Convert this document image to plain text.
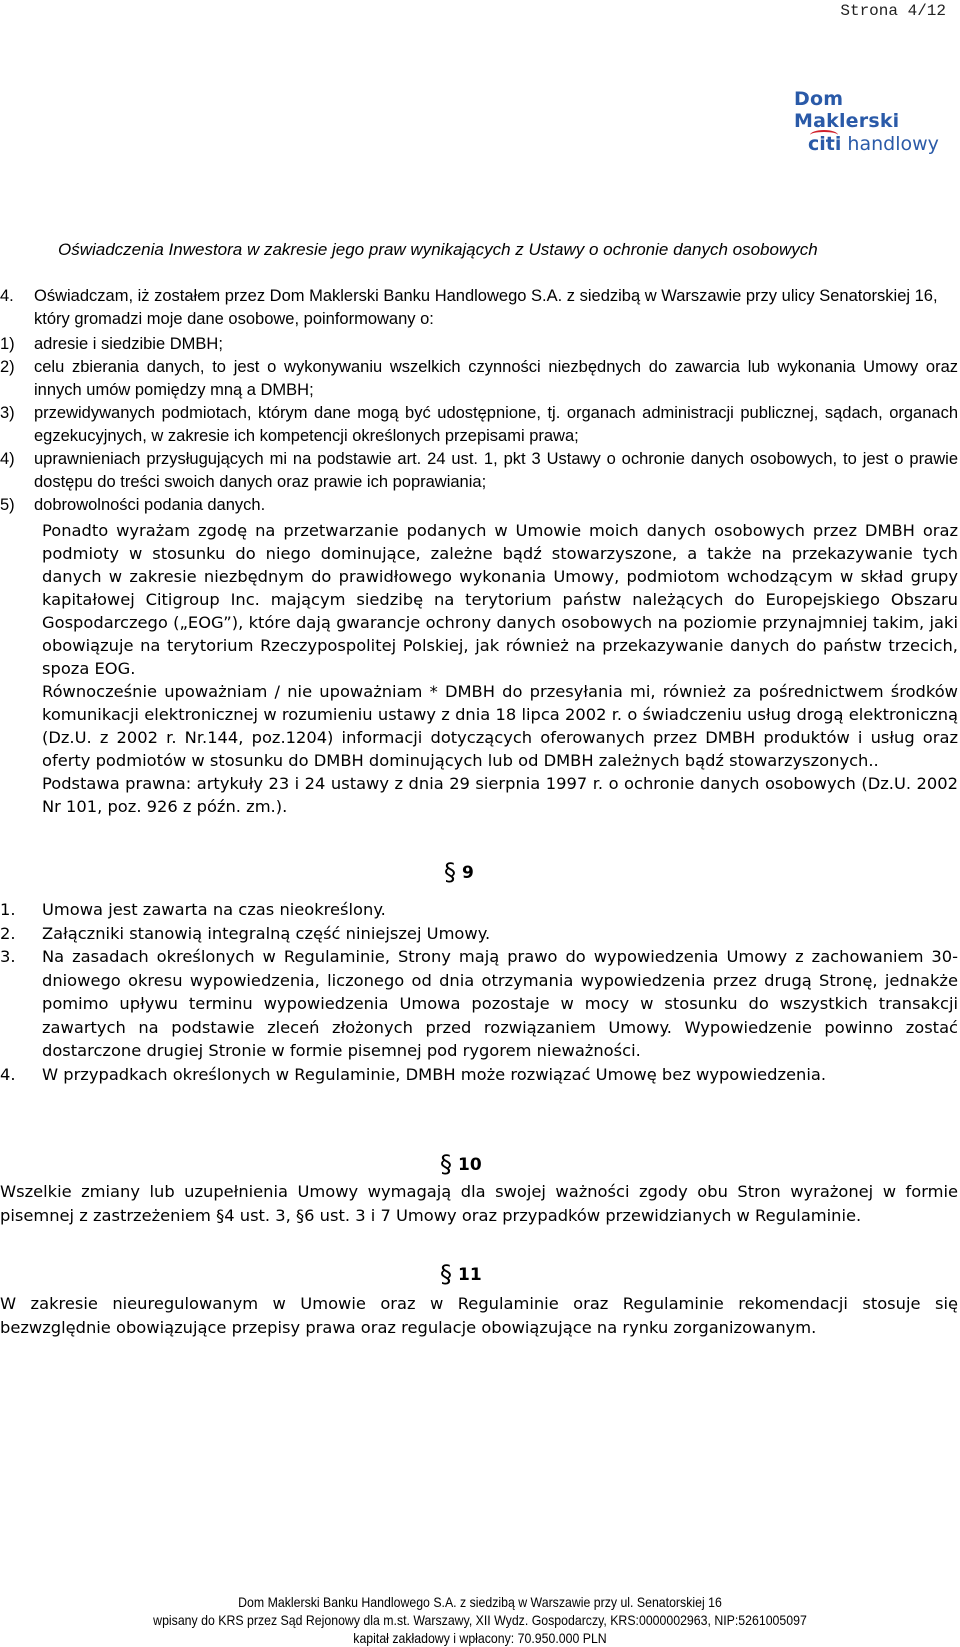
Strona 4/12
Dom Maklerski
citi handlowy
Oświadczenia Inwestora w zakresie jego praw wynikających z Ustawy o ochronie danych osobowych
4.	Oświadczam, iż zostałem przez Dom Maklerski Banku Handlowego S.A. z siedzibą w Warszawie przy ulicy Senatorskiej 16, który gromadzi moje dane osobowe, poinformowany o:

1)	adresie i siedzibie DMBH;
2)	celu zbierania danych, to jest o wykonywaniu wszelkich czynności niezbędnych do zawarcia lub wykonania Umowy oraz innych umów pomiędzy mną a DMBH;
3)	przewidywanych podmiotach, którym dane mogą być udostępnione, tj. organach administracji publicznej, sądach, organach egzekucyjnych, w zakresie ich kompetencji określonych przepisami prawa;
4)	uprawnieniach przysługujących mi na podstawie art. 24 ust. 1, pkt 3 Ustawy o ochronie danych osobowych, to jest o prawie dostępu do treści swoich danych oraz prawie ich poprawiania;
5)	dobrowolności podania danych.

Ponadto wyrażam zgodę na przetwarzanie podanych w Umowie moich danych osobowych przez DMBH oraz podmioty w stosunku do niego dominujące, zależne bądź stowarzyszone, a także na przekazywanie tych danych w zakresie niezbędnym do prawidłowego wykonania Umowy, podmiotom wchodzącym w skład grupy kapitałowej Citigroup Inc. mającym siedzibę na terytorium państw należących do Europejskiego Obszaru Gospodarczego („EOG”), które dają gwarancje ochrony danych osobowych na poziomie przynajmniej takim, jaki obowiązuje na terytorium Rzeczypospolitej Polskiej, jak również na przekazywanie danych do państw trzecich, spoza EOG.

Równocześnie upoważniam / nie upoważniam * DMBH do przesyłania mi, również za pośrednictwem środków komunikacji elektronicznej w rozumieniu ustawy z dnia 18 lipca 2002 r. o świadczeniu usług drogą elektroniczną (Dz.U. z 2002 r. Nr.144, poz.1204) informacji dotyczących oferowanych przez DMBH produktów i usług oraz oferty podmiotów w stosunku do DMBH dominujących lub od DMBH zależnych bądź stowarzyszonych..

Podstawa prawna: artykuły 23 i 24 ustawy z dnia 29 sierpnia 1997 r. o ochronie danych osobowych (Dz.U. 2002 Nr 101, poz. 926 z późn. zm.).

§ 9
1.	Umowa jest zawarta na czas nieokreślony.
2.	Załączniki stanowią integralną część niniejszej Umowy.
3.	Na zasadach określonych w Regulaminie, Strony mają prawo do wypowiedzenia Umowy z zachowaniem 30-dniowego okresu wypowiedzenia, liczonego od dnia otrzymania wypowiedzenia przez drugą Stronę, jednakże pomimo upływu terminu wypowiedzenia Umowa pozostaje w mocy w stosunku do wszystkich transakcji zawartych na podstawie zleceń złożonych przed rozwiązaniem Umowy. Wypowiedzenie powinno zostać dostarczone drugiej Stronie w formie pisemnej pod rygorem nieważności.
4.	W przypadkach określonych w Regulaminie, DMBH może rozwiązać Umowę bez wypowiedzenia.
§ 10

Wszelkie zmiany lub uzupełnienia Umowy wymagają dla swojej ważności zgody obu Stron wyrażonej w formie pisemnej z zastrzeżeniem §4 ust. 3, §6 ust. 3 i 7 Umowy oraz przypadków przewidzianych w Regulaminie.

§ 11

W zakresie nieuregulowanym w Umowie oraz w Regulaminie oraz Regulaminie rekomendacji stosuje się bezwzględnie obowiązujące przepisy prawa oraz regulacje obowiązujące na rynku zorganizowanym.

Dom Maklerski Banku Handlowego S.A. z siedzibą w Warszawie przy ul. Senatorskiej 16
wpisany do KRS przez Sąd Rejonowy dla m.st. Warszawy, XII Wydz. Gospodarczy, KRS:0000002963, NIP:5261005097
kapitał zakładowy i wpłacony: 70.950.000 PLN
